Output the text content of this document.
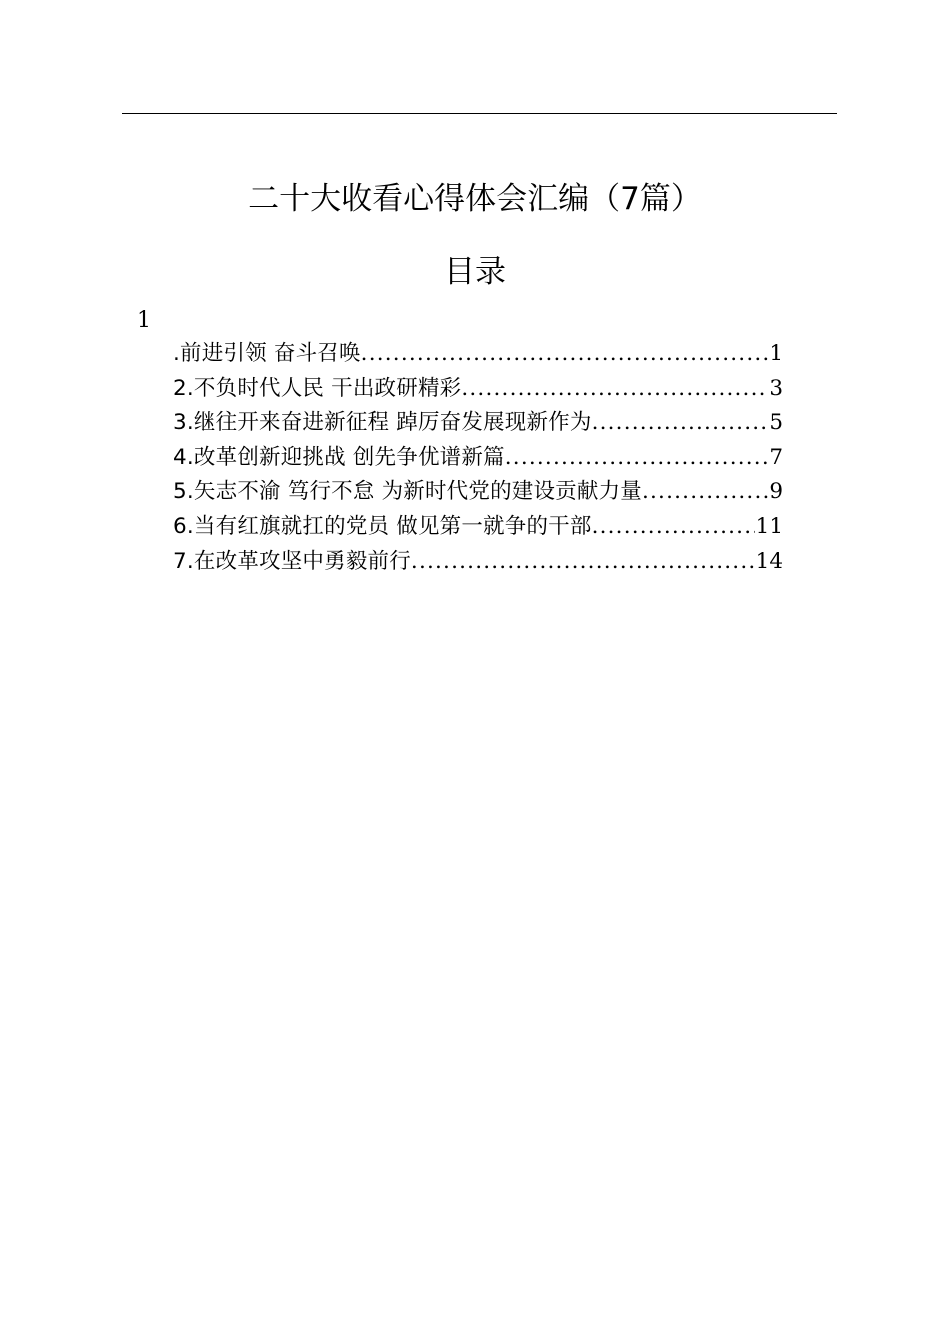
二十大收看心得体会汇编（7篇）
目录
1
.前进引领 奋斗召唤 .....	1
2.不负时代人民 干出政研精彩 .....	3
3.继往开来奋进新征程 踔厉奋发展现新作为 .....	5
4.改革创新迎挑战 创先争优谱新篇 .....	7
5.矢志不渝 笃行不怠 为新时代党的建设贡献力量 .....	9
6.当有红旗就扛的党员 做见第一就争的干部 .....	11
7.在改革攻坚中勇毅前行 .....	14
